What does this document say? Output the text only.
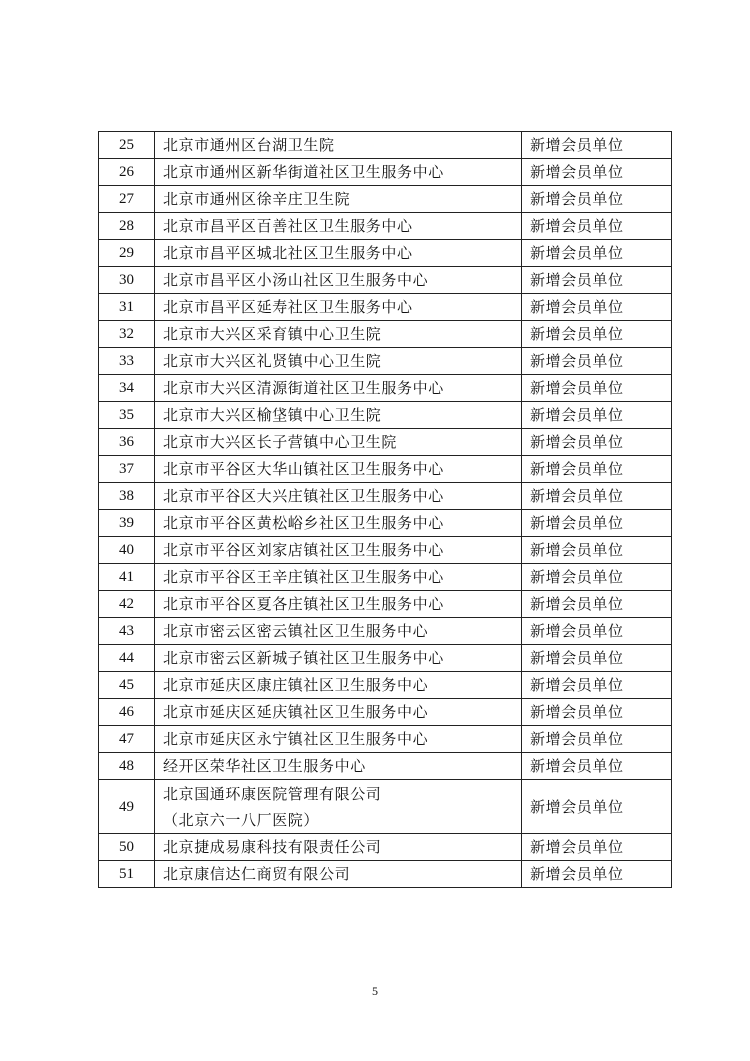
25	北京市通州区台湖卫生院	新增会员单位
26	北京市通州区新华街道社区卫生服务中心	新增会员单位
27	北京市通州区徐辛庄卫生院	新增会员单位
28	北京市昌平区百善社区卫生服务中心	新增会员单位
29	北京市昌平区城北社区卫生服务中心	新增会员单位
30	北京市昌平区小汤山社区卫生服务中心	新增会员单位
31	北京市昌平区延寿社区卫生服务中心	新增会员单位
32	北京市大兴区采育镇中心卫生院	新增会员单位
33	北京市大兴区礼贤镇中心卫生院	新增会员单位
34	北京市大兴区清源街道社区卫生服务中心	新增会员单位
35	北京市大兴区榆垡镇中心卫生院	新增会员单位
36	北京市大兴区长子营镇中心卫生院	新增会员单位
37	北京市平谷区大华山镇社区卫生服务中心	新增会员单位
38	北京市平谷区大兴庄镇社区卫生服务中心	新增会员单位
39	北京市平谷区黄松峪乡社区卫生服务中心	新增会员单位
40	北京市平谷区刘家店镇社区卫生服务中心	新增会员单位
41	北京市平谷区王辛庄镇社区卫生服务中心	新增会员单位
42	北京市平谷区夏各庄镇社区卫生服务中心	新增会员单位
43	北京市密云区密云镇社区卫生服务中心	新增会员单位
44	北京市密云区新城子镇社区卫生服务中心	新增会员单位
45	北京市延庆区康庄镇社区卫生服务中心	新增会员单位
46	北京市延庆区延庆镇社区卫生服务中心	新增会员单位
47	北京市延庆区永宁镇社区卫生服务中心	新增会员单位
48	经开区荣华社区卫生服务中心	新增会员单位
49	北京国通环康医院管理有限公司
（北京六一八厂医院）	新增会员单位
50	北京捷成易康科技有限责任公司	新增会员单位
51	北京康信达仁商贸有限公司	新增会员单位
5
